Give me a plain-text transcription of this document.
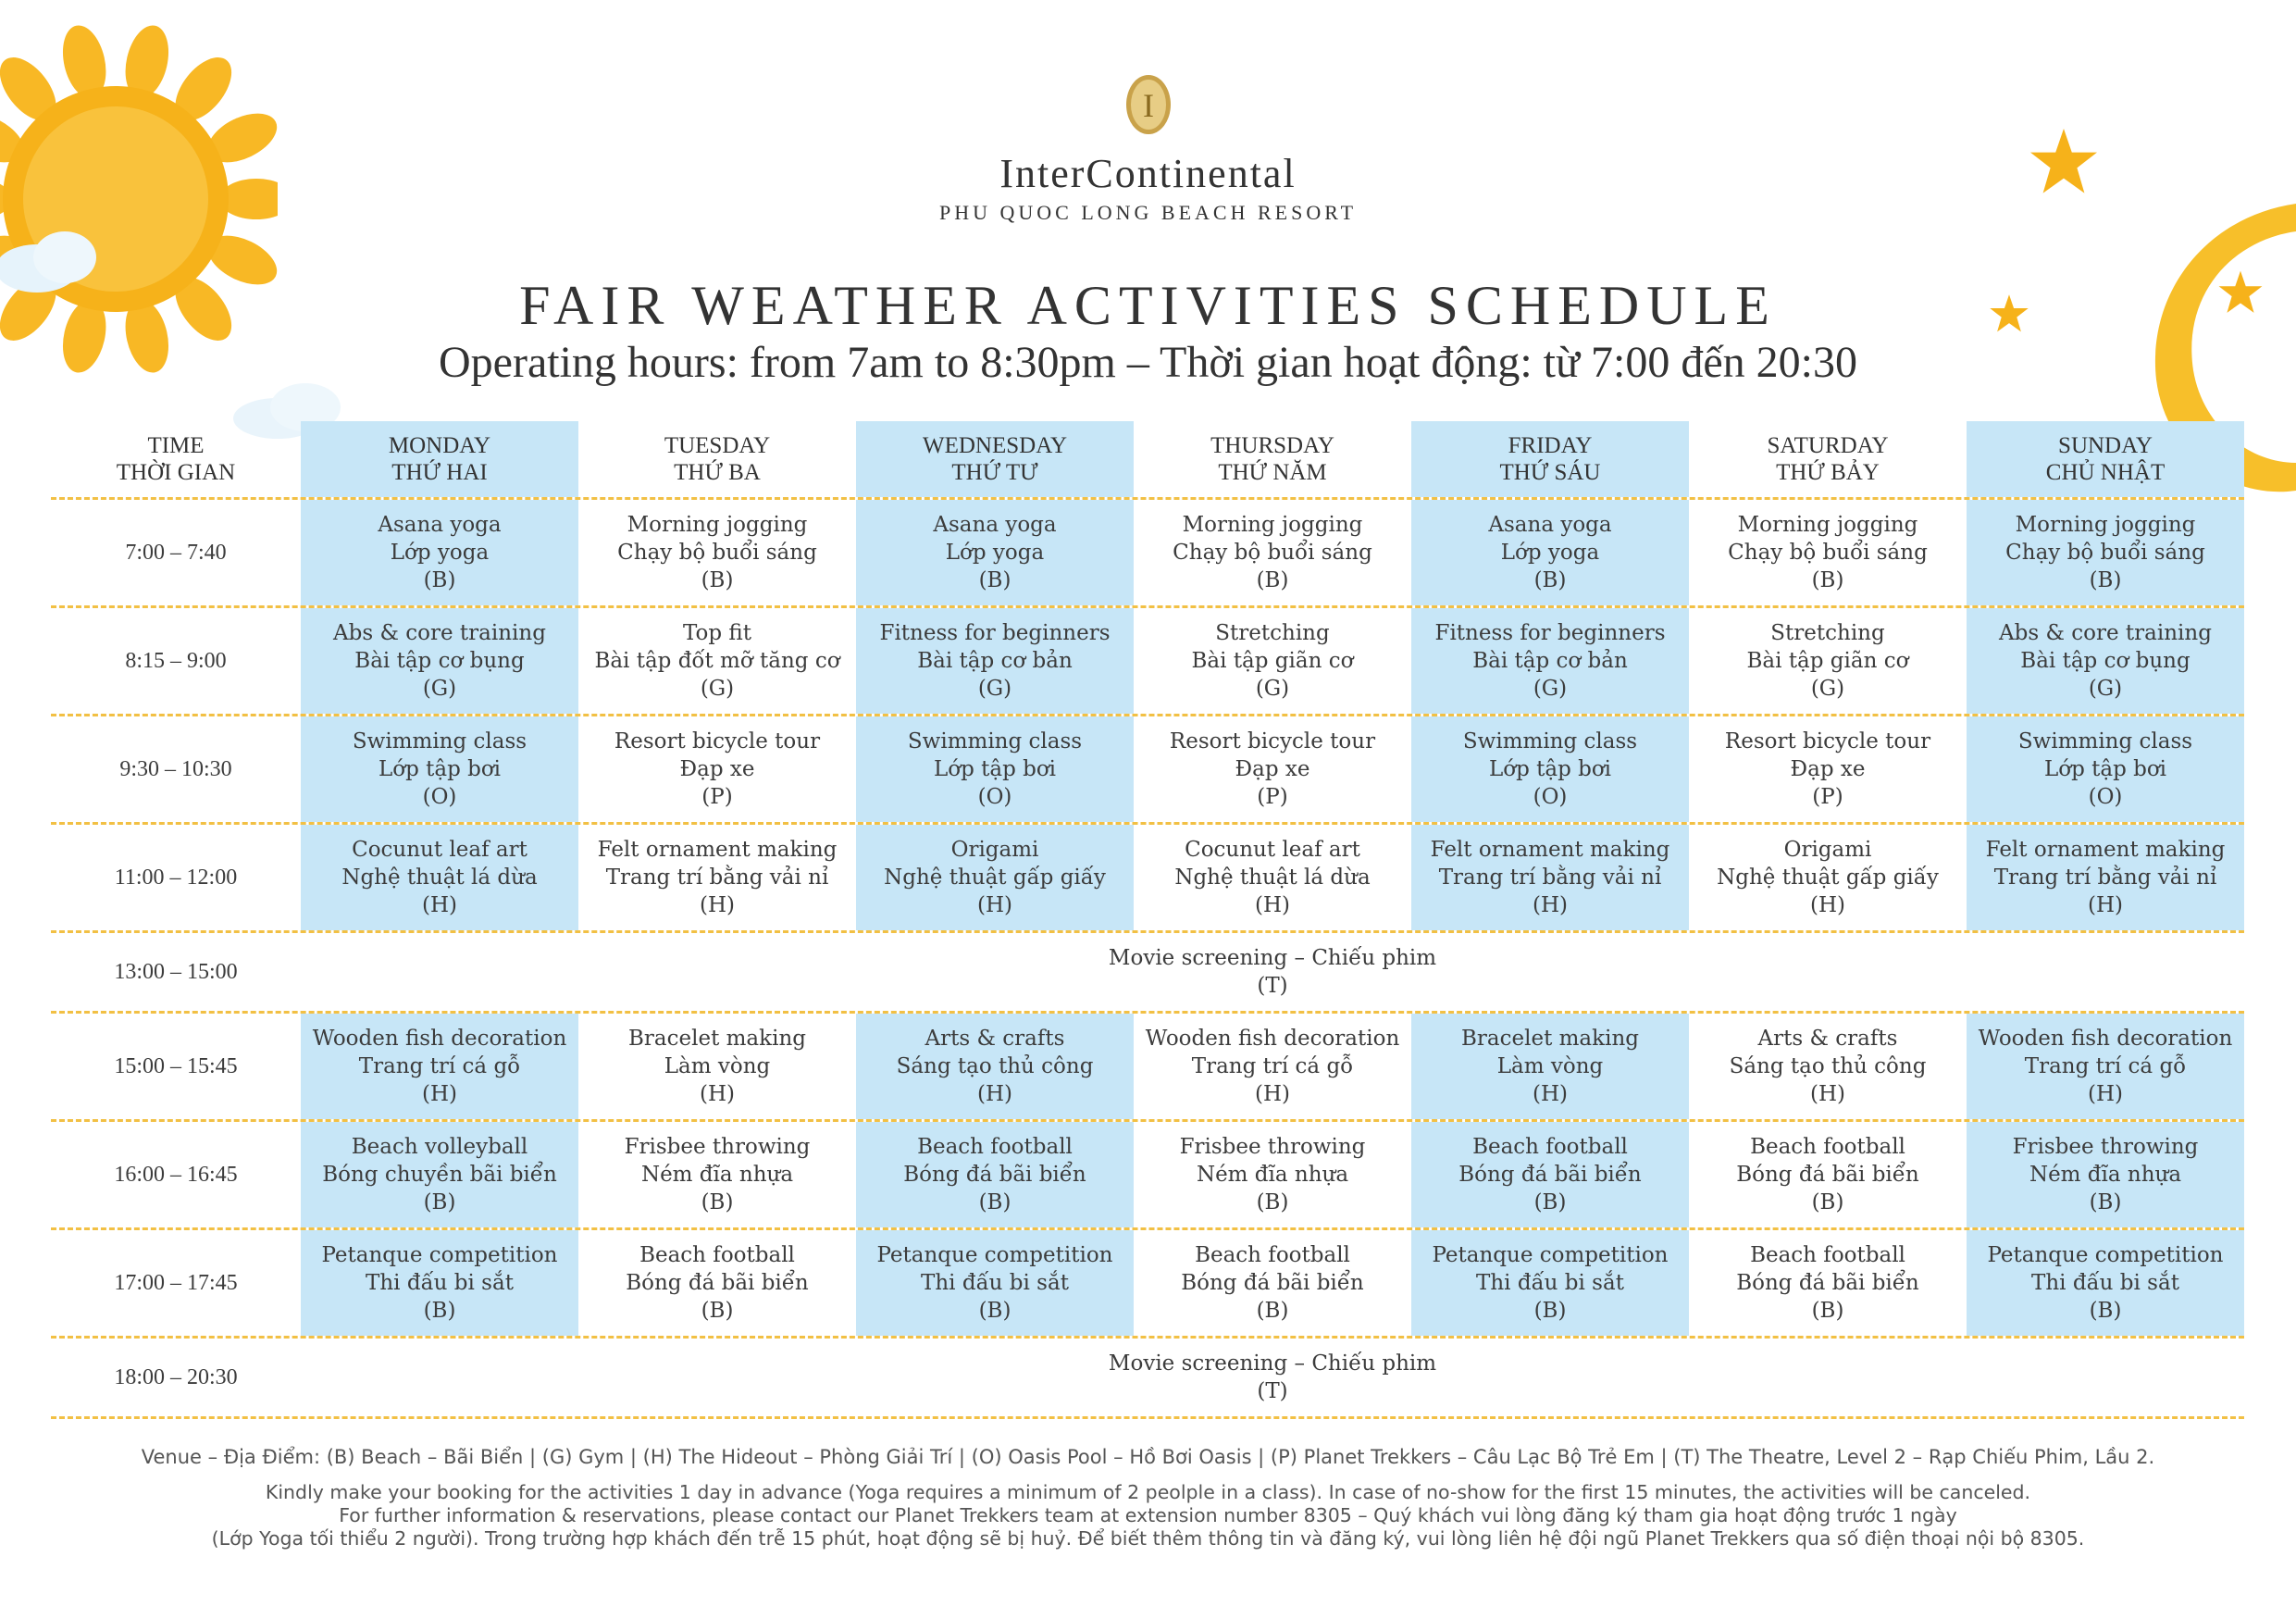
I
InterContinental
PHU QUOC LONG BEACH RESORT
FAIR WEATHER ACTIVITIES SCHEDULE
Operating hours: from 7am to 8:30pm – Thời gian hoạt động: từ 7:00 đến 20:30
TIME
THỜI GIAN
MONDAY
THỨ HAI
TUESDAY
THỨ BA
WEDNESDAY
THỨ TƯ
THURSDAY
THỨ NĂM
FRIDAY
THỨ SÁU
SATURDAY
THỨ BẢY
SUNDAY
CHỦ NHẬT
7:00 – 7:40
Asana yoga
Lớp yoga
(B)
Morning jogging
Chạy bộ buổi sáng
(B)
Asana yoga
Lớp yoga
(B)
Morning jogging
Chạy bộ buổi sáng
(B)
Asana yoga
Lớp yoga
(B)
Morning jogging
Chạy bộ buổi sáng
(B)
Morning jogging
Chạy bộ buổi sáng
(B)
8:15 – 9:00
Abs & core training
Bài tập cơ bụng
(G)
Top fit
Bài tập đốt mỡ tăng cơ
(G)
Fitness for beginners
Bài tập cơ bản
(G)
Stretching
Bài tập giãn cơ
(G)
Fitness for beginners
Bài tập cơ bản
(G)
Stretching
Bài tập giãn cơ
(G)
Abs & core training
Bài tập cơ bụng
(G)
9:30 – 10:30
Swimming class
Lớp tập bơi
(O)
Resort bicycle tour
Đạp xe
(P)
Swimming class
Lớp tập bơi
(O)
Resort bicycle tour
Đạp xe
(P)
Swimming class
Lớp tập bơi
(O)
Resort bicycle tour
Đạp xe
(P)
Swimming class
Lớp tập bơi
(O)
11:00 – 12:00
Cocunut leaf art
Nghệ thuật lá dừa
(H)
Felt ornament making
Trang trí bằng vải nỉ
(H)
Origami
Nghệ thuật gấp giấy
(H)
Cocunut leaf art
Nghệ thuật lá dừa
(H)
Felt ornament making
Trang trí bằng vải nỉ
(H)
Origami
Nghệ thuật gấp giấy
(H)
Felt ornament making
Trang trí bằng vải nỉ
(H)
13:00 – 15:00
Movie screening – Chiếu phim
(T)
15:00 – 15:45
Wooden fish decoration
Trang trí cá gỗ
(H)
Bracelet making
Làm vòng
(H)
Arts & crafts
Sáng tạo thủ công
(H)
Wooden fish decoration
Trang trí cá gỗ
(H)
Bracelet making
Làm vòng
(H)
Arts & crafts
Sáng tạo thủ công
(H)
Wooden fish decoration
Trang trí cá gỗ
(H)
16:00 – 16:45
Beach volleyball
Bóng chuyền bãi biển
(B)
Frisbee throwing
Ném đĩa nhựa
(B)
Beach football
Bóng đá bãi biển
(B)
Frisbee throwing
Ném đĩa nhựa
(B)
Beach football
Bóng đá bãi biển
(B)
Beach football
Bóng đá bãi biển
(B)
Frisbee throwing
Ném đĩa nhựa
(B)
17:00 – 17:45
Petanque competition
Thi đấu bi sắt
(B)
Beach football
Bóng đá bãi biển
(B)
Petanque competition
Thi đấu bi sắt
(B)
Beach football
Bóng đá bãi biển
(B)
Petanque competition
Thi đấu bi sắt
(B)
Beach football
Bóng đá bãi biển
(B)
Petanque competition
Thi đấu bi sắt
(B)
18:00 – 20:30
Movie screening – Chiếu phim
(T)
Venue – Địa Điểm: (B) Beach – Bãi Biển | (G) Gym | (H) The Hideout – Phòng Giải Trí | (O) Oasis Pool – Hồ Bơi Oasis | (P) Planet Trekkers – Câu Lạc Bộ Trẻ Em | (T) The Theatre, Level 2 – Rạp Chiếu Phim, Lầu 2.
Kindly make your booking for the activities 1 day in advance (Yoga requires a minimum of 2 peolple in a class). In case of no-show for the first 15 minutes, the activities will be canceled.
For further information & reservations, please contact our Planet Trekkers team at extension number 8305 – Quý khách vui lòng đăng ký tham gia hoạt động trước 1 ngày
(Lớp Yoga tối thiểu 2 người). Trong trường hợp khách đến trễ 15 phút, hoạt động sẽ bị huỷ. Để biết thêm thông tin và đăng ký, vui lòng liên hệ đội ngũ Planet Trekkers qua số điện thoại nội bộ 8305.
